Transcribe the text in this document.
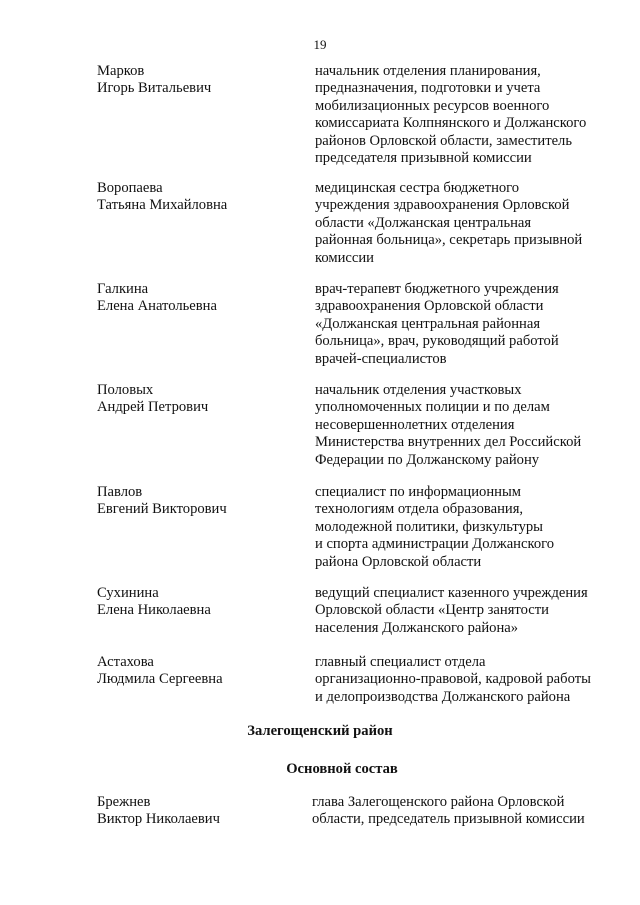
19
Марков
Игорь Витальевич
начальник отделения планирования,
предназначения, подготовки и учета
мобилизационных ресурсов военного
комиссариата Колпнянского и Должанского
районов Орловской области, заместитель
председателя призывной комиссии
Воропаева
Татьяна Михайловна
медицинская сестра бюджетного
учреждения здравоохранения Орловской
области «Должанская центральная
районная больница», секретарь призывной
комиссии
Галкина
Елена Анатольевна
врач-терапевт бюджетного учреждения
здравоохранения Орловской области
«Должанская центральная районная
больница», врач, руководящий работой
врачей-специалистов
Половых
Андрей Петрович
начальник отделения участковых
уполномоченных полиции и по делам
несовершеннолетних отделения
Министерства внутренних дел Российской
Федерации по Должанскому району
Павлов
Евгений Викторович
специалист по информационным
технологиям отдела образования,
молодежной политики, физкультуры
и спорта администрации Должанского
района Орловской области
Сухинина
Елена Николаевна
ведущий специалист казенного учреждения
Орловской области «Центр занятости
населения Должанского района»
Астахова
Людмила Сергеевна
главный специалист отдела
организационно-правовой, кадровой работы
и делопроизводства Должанского района
Залегощенский район
Основной состав
Брежнев
Виктор Николаевич
глава Залегощенского района Орловской
области, председатель призывной комиссии
